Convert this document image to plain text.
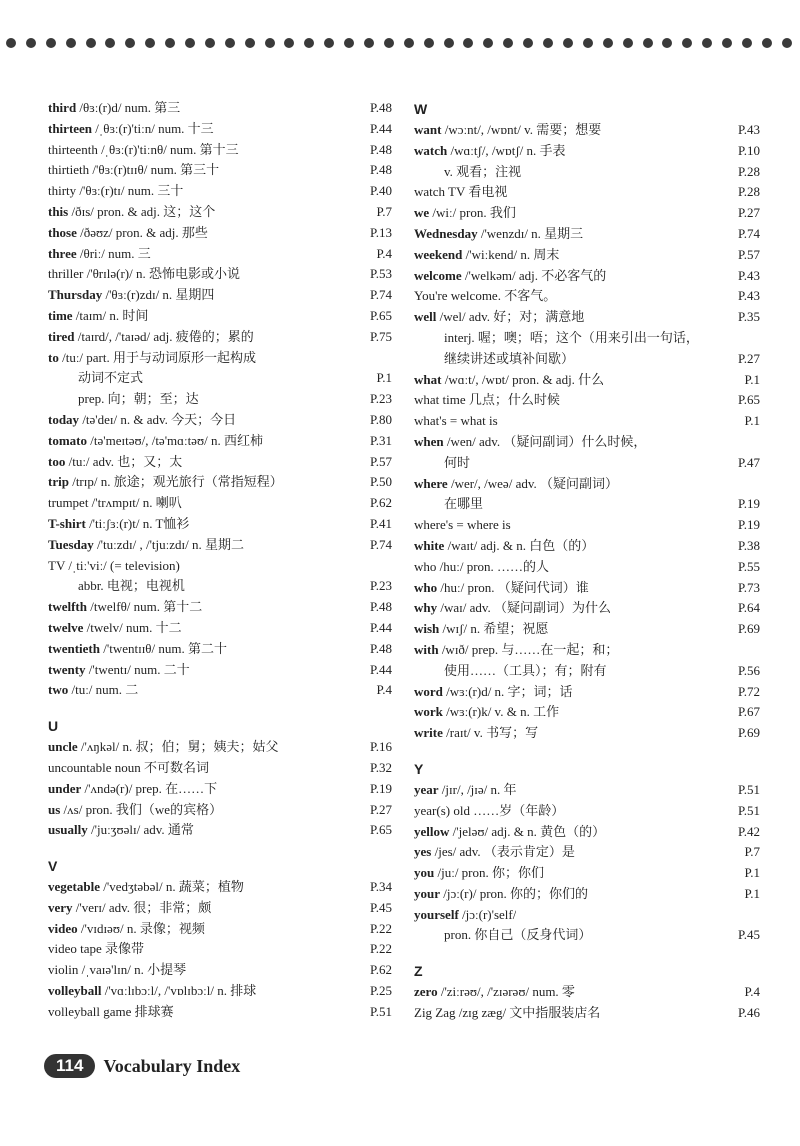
third /θɜː(r)d/ num. 第三	P.48
thirteen /ˌθɜː(r)'tiːn/ num. 十三	P.44
thirteenth /ˌθɜː(r)'tiːnθ/ num. 第十三	P.48
thirtieth /'θɜː(r)tɪɪθ/ num. 第三十	P.48
thirty /'θɜː(r)tɪ/ num. 三十	P.40
this /ðɪs/ pron. & adj. 这；这个	P.7
those /ðəʊz/ pron. & adj. 那些	P.13
three /θriː/ num. 三	P.4
thriller /'θrɪlə(r)/ n. 恐怖电影或小说	P.53
Thursday /'θɜː(r)zdɪ/ n. 星期四	P.74
time /taɪm/ n. 时间	P.65
tired /taɪrd/, /'taɪəd/ adj. 疲倦的；累的	P.75
to /tuː/ part. 用于与动词原形一起构成
动词不定式	P.1
prep. 向；朝；至；达	P.23
today /tə'deɪ/ n. & adv. 今天；今日	P.80
tomato /tə'meɪtəʊ/, /tə'mɑːtəʊ/ n. 西红柿	P.31
too /tuː/ adv. 也；又；太	P.57
trip /trɪp/ n. 旅途；观光旅行（常指短程）	P.50
trumpet /'trʌmpɪt/ n. 喇叭	P.62
T-shirt /'tiːʃɜː(r)t/ n. T恤衫	P.41
Tuesday /'tuːzdɪ/ , /'tjuːzdɪ/ n. 星期二	P.74
TV /ˌtiː'viː/ (= television)
abbr. 电视；电视机	P.23
twelfth /twelfθ/ num. 第十二	P.48
twelve /twelv/ num. 十二	P.44
twentieth /'twentɪɪθ/ num. 第二十	P.48
twenty /'twentɪ/ num. 二十	P.44
two /tuː/ num. 二	P.4
U
uncle /'ʌŋkəl/ n. 叔；伯；舅；姨夫；姑父	P.16
uncountable noun 不可数名词	P.32
under /'ʌndə(r)/ prep. 在……下	P.19
us /ʌs/ pron. 我们（we的宾格）	P.27
usually /'juːʒʊəlɪ/ adv. 通常	P.65
V
vegetable /'vedʒtəbəl/ n. 蔬菜；植物	P.34
very /'verɪ/ adv. 很；非常；颇	P.45
video /'vɪdɪəʊ/ n. 录像；视频	P.22
video tape 录像带	P.22
violin /ˌvaɪə'lɪn/ n. 小提琴	P.62
volleyball /'vɑːlɪbɔːl/, /'vɒlɪbɔːl/ n. 排球	P.25
volleyball game 排球赛	P.51
W
want /wɔːnt/, /wɒnt/ v. 需要；想要	P.43
watch /wɑːtʃ/, /wɒtʃ/ n. 手表	P.10
v. 观看；注视	P.28
watch TV 看电视	P.28
we /wiː/ pron. 我们	P.27
Wednesday /'wenzdɪ/ n. 星期三	P.74
weekend /'wiːkend/ n. 周末	P.57
welcome /'welkəm/ adj. 不必客气的	P.43
You're welcome. 不客气。	P.43
well /wel/ adv. 好；对；满意地	P.35
interj. 喔；噢；唔；这个（用来引出一句话，
继续讲述或填补间歇）	P.27
what /wɑːt/, /wɒt/ pron. & adj. 什么	P.1
what time 几点；什么时候	P.65
what's = what is	P.1
when /wen/ adv. （疑问副词）什么时候，
何时	P.47
where /wer/, /weə/ adv. （疑问副词）
在哪里	P.19
where's = where is	P.19
white /waɪt/ adj. & n. 白色（的）	P.38
who /huː/ pron. ……的人	P.55
who /huː/ pron. （疑问代词）谁	P.73
why /waɪ/ adv. （疑问副词）为什么	P.64
wish /wɪʃ/ n. 希望；祝愿	P.69
with /wɪð/ prep. 与……在一起；和；
使用……（工具）；有；附有	P.56
word /wɜː(r)d/ n. 字；词；话	P.72
work /wɜː(r)k/ v. & n. 工作	P.67
write /raɪt/ v. 书写；写	P.69
Y
year /jɪr/, /jɪə/ n. 年	P.51
year(s) old ……岁（年龄）	P.51
yellow /'jeləʊ/ adj. & n. 黄色（的）	P.42
yes /jes/ adv. （表示肯定）是	P.7
you /juː/ pron. 你；你们	P.1
your /jɔː(r)/ pron. 你的；你们的	P.1
yourself /jɔː(r)'self/
pron. 你自己（反身代词）	P.45
Z
zero /'ziːrəʊ/, /'zɪərəʊ/ num. 零	P.4
Zig Zag /zɪg zæg/ 文中指服装店名	P.46
114	Vocabulary Index
